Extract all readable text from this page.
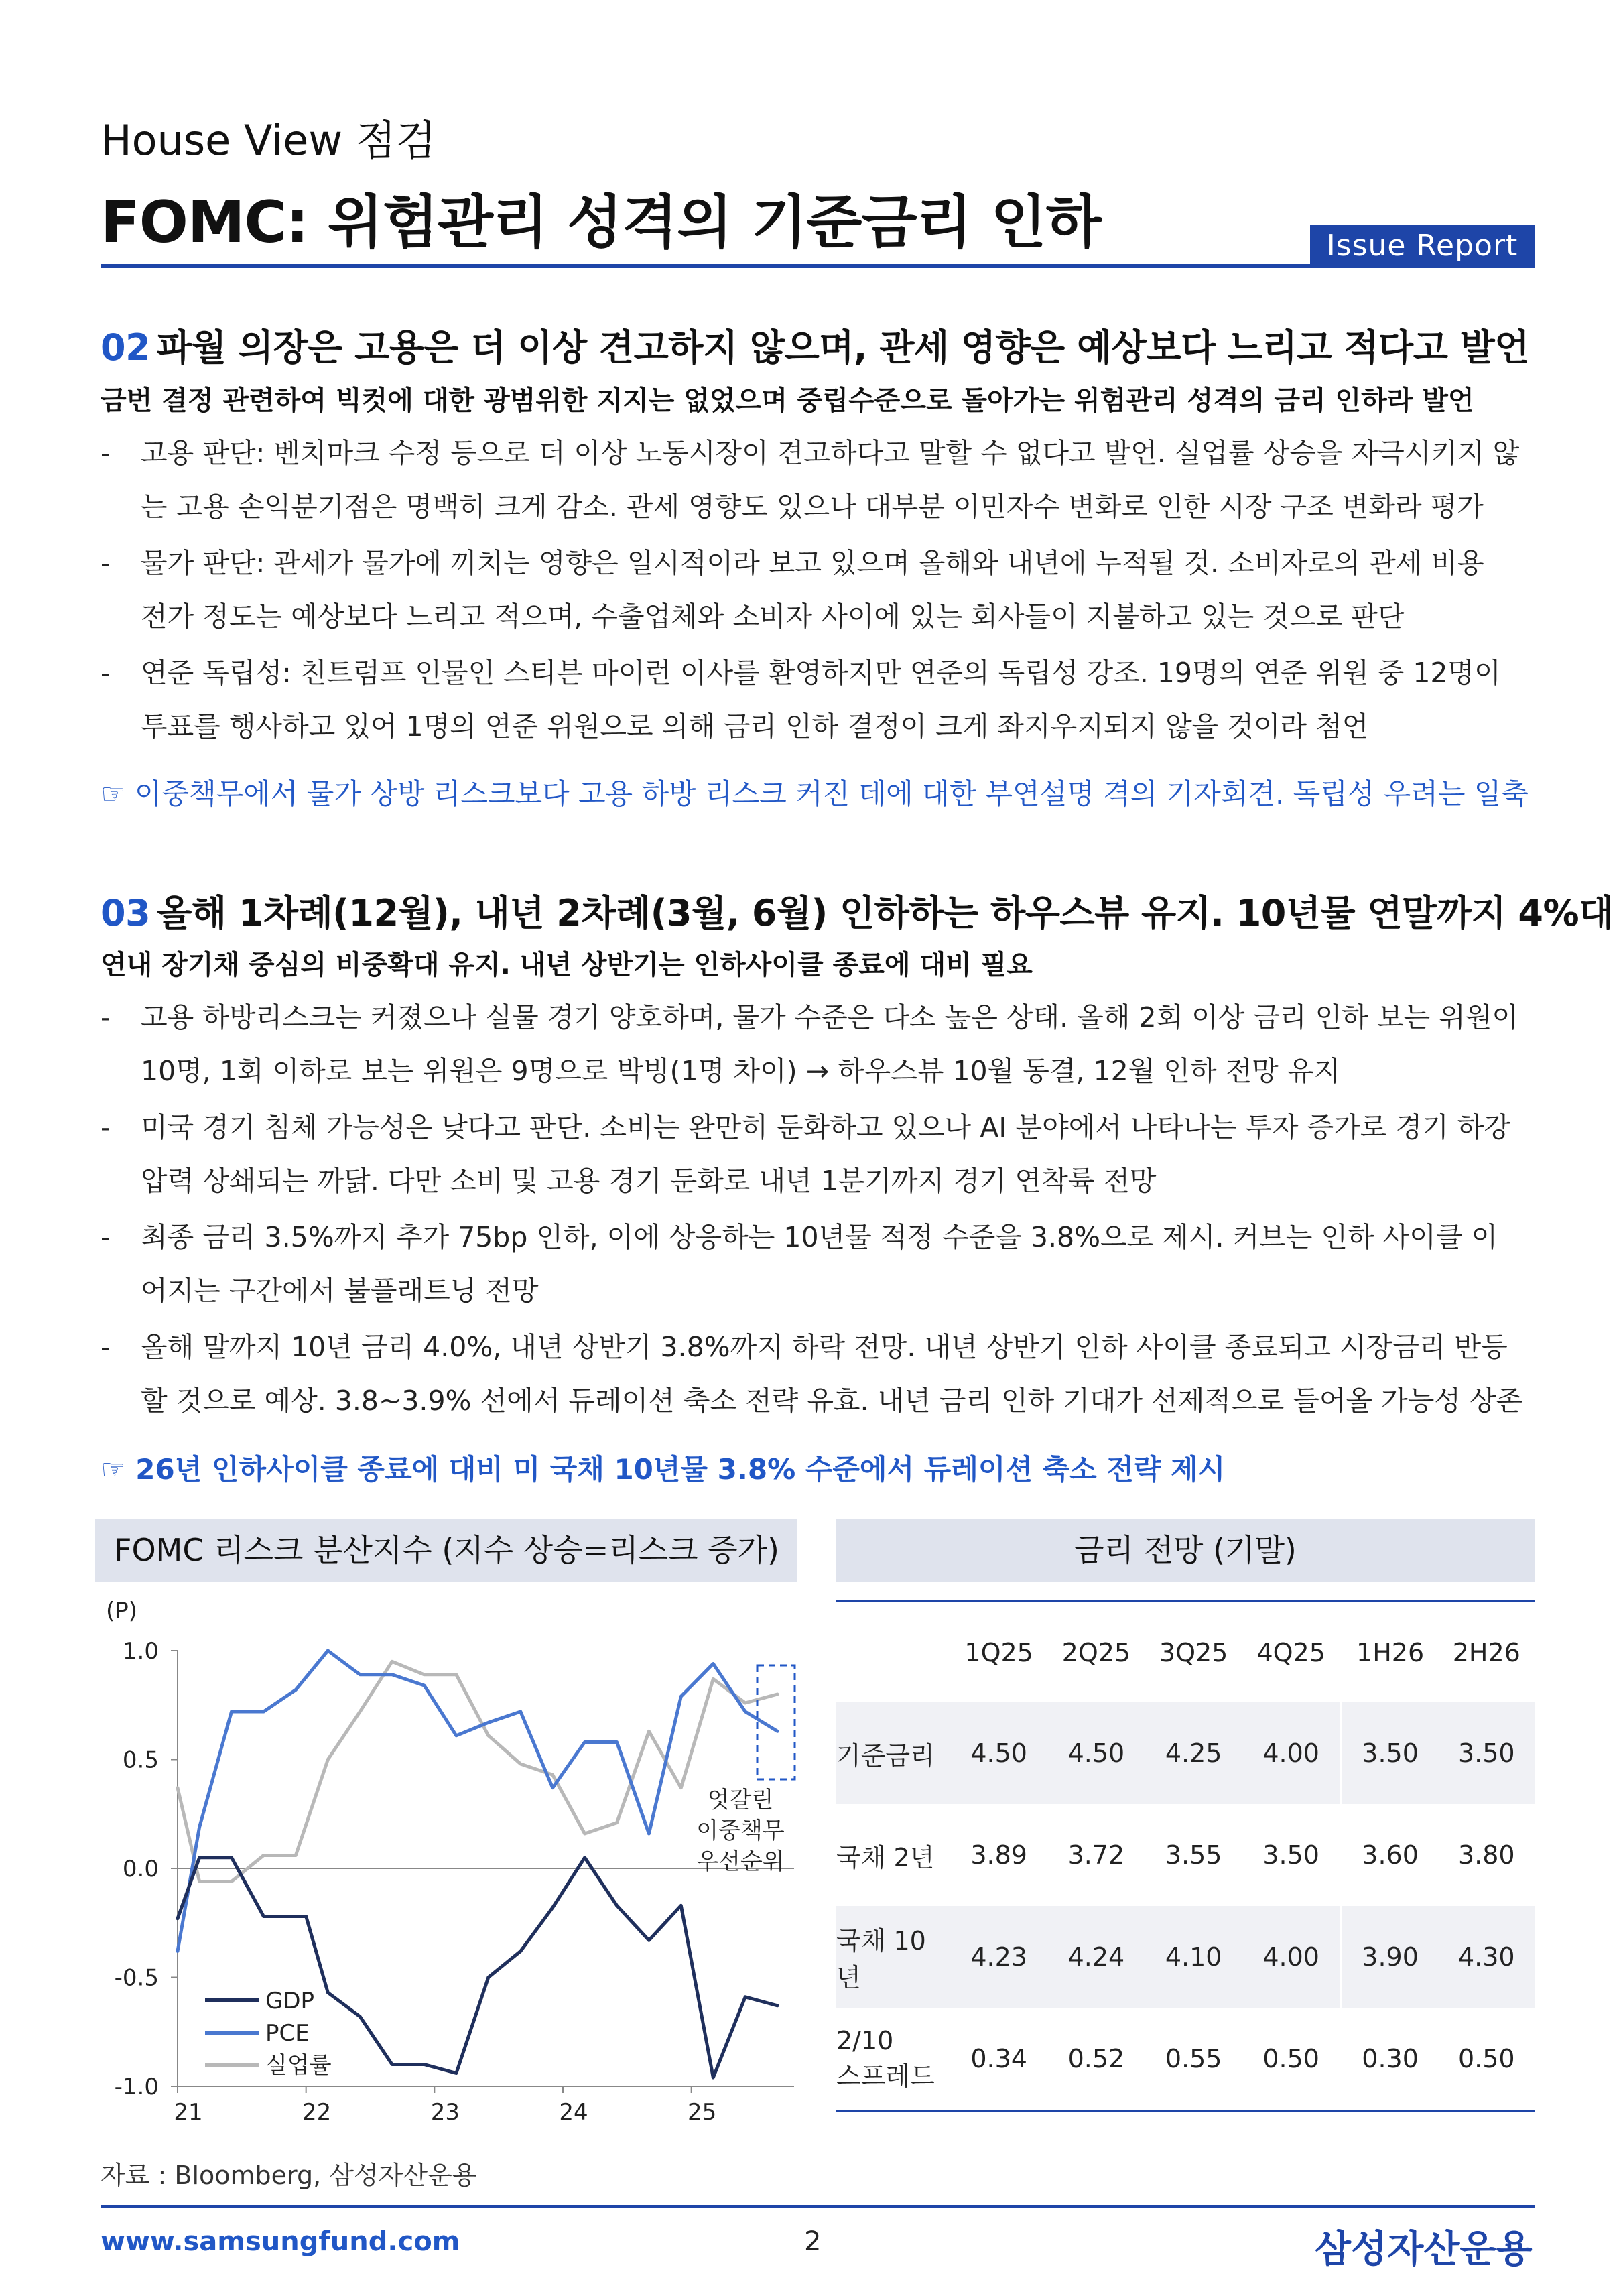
House View 점검
FOMC: 위험관리 성격의 기준금리 인하	Issue Report
02 파월 의장은 고용은 더 이상 견고하지 않으며, 관세 영향은 예상보다 느리고 적다고 발언
금번 결정 관련하여 빅컷에 대한 광범위한 지지는 없었으며 중립수준으로 돌아가는 위험관리 성격의 금리 인하라 발언
- 고용 판단: 벤치마크 수정 등으로 더 이상 노동시장이 견고하다고 말할 수 없다고 발언. 실업률 상승을 자극시키지 않
는 고용 손익분기점은 명백히 크게 감소. 관세 영향도 있으나 대부분 이민자수 변화로 인한 시장 구조 변화라 평가
- 물가 판단: 관세가 물가에 끼치는 영향은 일시적이라 보고 있으며 올해와 내년에 누적될 것. 소비자로의 관세 비용
전가 정도는 예상보다 느리고 적으며, 수출업체와 소비자 사이에 있는 회사들이 지불하고 있는 것으로 판단
- 연준 독립성: 친트럼프 인물인 스티븐 마이런 이사를 환영하지만 연준의 독립성 강조. 19명의 연준 위원 중 12명이
투표를 행사하고 있어 1명의 연준 위원으로 의해 금리 인하 결정이 크게 좌지우지되지 않을 것이라 첨언
☞ 이중책무에서 물가 상방 리스크보다 고용 하방 리스크 커진 데에 대한 부연설명 격의 기자회견. 독립성 우려는 일축
03 올해 1차례(12월), 내년 2차례(3월, 6월) 인하하는 하우스뷰 유지. 10년물 연말까지 4%대
연내 장기채 중심의 비중확대 유지. 내년 상반기는 인하사이클 종료에 대비 필요
- 고용 하방리스크는 커졌으나 실물 경기 양호하며, 물가 수준은 다소 높은 상태. 올해 2회 이상 금리 인하 보는 위원이
10명, 1회 이하로 보는 위원은 9명으로 박빙(1명 차이) → 하우스뷰 10월 동결, 12월 인하 전망 유지
- 미국 경기 침체 가능성은 낮다고 판단. 소비는 완만히 둔화하고 있으나 AI 분야에서 나타나는 투자 증가로 경기 하강
압력 상쇄되는 까닭. 다만 소비 및 고용 경기 둔화로 내년 1분기까지 경기 연착륙 전망
- 최종 금리 3.5%까지 추가 75bp 인하, 이에 상응하는 10년물 적정 수준을 3.8%으로 제시. 커브는 인하 사이클 이
어지는 구간에서 불플래트닝 전망
- 올해 말까지 10년 금리 4.0%, 내년 상반기 3.8%까지 하락 전망. 내년 상반기 인하 사이클 종료되고 시장금리 반등
할 것으로 예상. 3.8~3.9% 선에서 듀레이션 축소 전략 유효. 내년 금리 인하 기대가 선제적으로 들어올 가능성 상존
☞ 26년 인하사이클 종료에 대비 미 국채 10년물 3.8% 수준에서 듀레이션 축소 전략 제시
FOMC 리스크 분산지수 (지수 상승=리스크 증가)
(P)
1.0
0.5
0.0
-0.5
-1.0
21	22	23	24	25
엇갈린
이중책무
우선순위
GDP
PCE
실업률
자료 : Bloomberg, 삼성자산운용
금리 전망 (기말)
	1Q25	2Q25	3Q25	4Q25	1H26	2H26
기준금리	4.50	4.50	4.25	4.00	3.50	3.50
국채 2년	3.89	3.72	3.55	3.50	3.60	3.80
국채 10년	4.23	4.24	4.10	4.00	3.90	4.30

2/10
스프레드	0.34	0.52	0.55	0.50	0.30	0.50
www.samsungfund.com	2	삼성자산운용
